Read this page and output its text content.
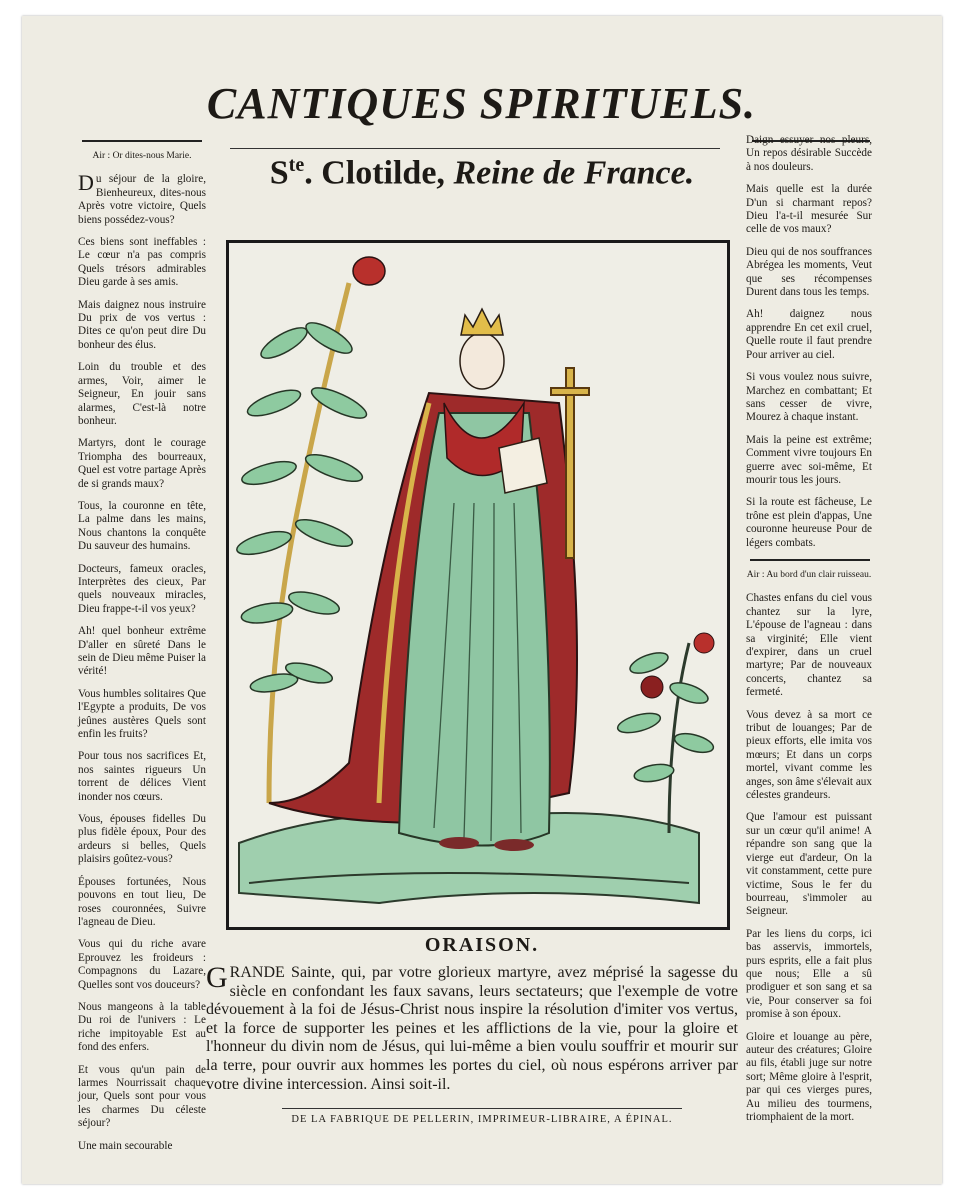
CANTIQUES SPIRITUELS.
$S^{te}$. Clotilde, Reine de France.
Air : Or dites-nous Marie.

Du séjour de la gloire, Bienheureux, dites-nous Après votre victoire, Quels biens possédez-vous?

Ces biens sont ineffables : Le cœur n'a pas compris Quels trésors admirables Dieu garde à ses amis.

Mais daignez nous instruire Du prix de vos vertus : Dites ce qu'on peut dire Du bonheur des élus.

Loin du trouble et des armes, Voir, aimer le Seigneur, En jouir sans alarmes, C'est-là notre bonheur.

Martyrs, dont le courage Triompha des bourreaux, Quel est votre partage Après de si grands maux?

Tous, la couronne en tête, La palme dans les mains, Nous chantons la conquête Du sauveur des humains.

Docteurs, fameux oracles, Interprètes des cieux, Par quels nouveaux miracles, Dieu frappe-t-il vos yeux?

Ah! quel bonheur extrême D'aller en sûreté Dans le sein de Dieu même Puiser la vérité!

Vous humbles solitaires Que l'Egypte a produits, De vos jeûnes austères Quels sont enfin les fruits?

Pour tous nos sacrifices Et, nos saintes rigueurs Un torrent de délices Vient inonder nos cœurs.

Vous, épouses fidelles Du plus fidèle époux, Pour des ardeurs si belles, Quels plaisirs goûtez-vous?

Épouses fortunées, Nous pouvons en tout lieu, De roses couronnées, Suivre l'agneau de Dieu.

Vous qui du riche avare Eprouvez les froideurs : Compagnons du Lazare, Quelles sont vos douceurs?

Nous mangeons à la table Du roi de l'univers : Le riche impitoyable Est au fond des enfers.

Et vous qu'un pain de larmes Nourrissait chaque jour, Quels sont pour vous les charmes Du céleste séjour?

Une main secourable

Daign essuyer nos pleurs, Un repos désirable Succède à nos douleurs.

Mais quelle est la durée D'un si charmant repos? Dieu l'a-t-il mesurée Sur celle de vos maux?

Dieu qui de nos souffrances Abrégea les moments, Veut que ses récompenses Durent dans tous les temps.

Ah! daignez nous apprendre En cet exil cruel, Quelle route il faut prendre Pour arriver au ciel.

Si vous voulez nous suivre, Marchez en combattant; Et sans cesser de vivre, Mourez à chaque instant.

Mais la peine est extrême; Comment vivre toujours En guerre avec soi-même, Et mourir tous les jours.

Si la route est fâcheuse, Le trône est plein d'appas, Une couronne heureuse Pour de légers combats.

Air : Au bord d'un clair ruisseau.

Chastes enfans du ciel vous chantez sur la lyre, L'épouse de l'agneau : dans sa virginité; Elle vient d'expirer, dans un cruel martyre; Par de nouveaux concerts, chantez sa fermeté.

Vous devez à sa mort ce tribut de louanges; Par de pieux efforts, elle imita vos mœurs; Et dans un corps mortel, vivant comme les anges, son âme s'élevait aux célestes grandeurs.

Que l'amour est puissant sur un cœur qu'il anime! A répandre son sang que la vierge eut d'ardeur, On la vit constamment, cette pure victime, Sous le fer du bourreau, s'immoler au Seigneur.

Par les liens du corps, ici bas asservis, immortels, purs esprits, elle a fait plus que nous; Elle a sû prodiguer et son sang et sa vie, Pour conserver sa foi promise à son époux.

Gloire et louange au père, auteur des créatures; Gloire au fils, établi juge sur notre sort; Même gloire à l'esprit, par qui ces vierges pures, Au milieu des tourmens, triomphaient de la mort.

ORAISON.

GRANDE Sainte, qui, par votre glorieux martyre, avez méprisé la sagesse du siècle en confondant les faux savans, leurs sectateurs; que l'exemple de votre dévouement à la foi de Jésus-Christ nous inspire la résolution d'imiter vos vertus, et la force de supporter les peines et les afflictions de la vie, pour la gloire et l'honneur du divin nom de Jésus, qui lui-même a bien voulu souffrir et mourir sur la terre, pour ouvrir aux hommes les portes du ciel, où nous espérons arriver par votre divine intercession. Ainsi soit-il.

DE LA FABRIQUE DE PELLERIN, IMPRIMEUR-LIBRAIRE, A ÉPINAL.
